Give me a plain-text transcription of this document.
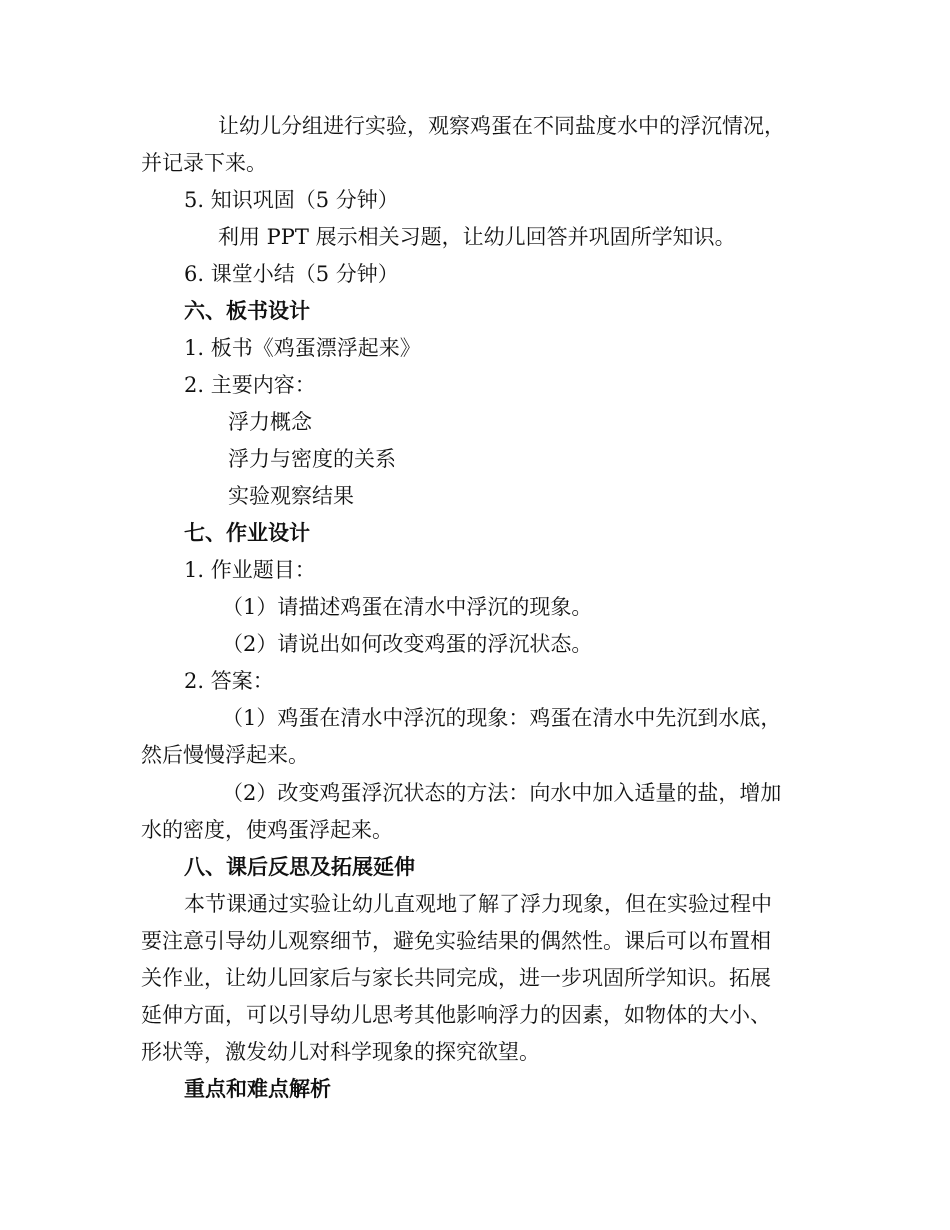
让幼儿分组进行实验，观察鸡蛋在不同盐度水中的浮沉情况，

并记录下来。

5. 知识巩固（5 分钟）

利用 PPT 展示相关习题，让幼儿回答并巩固所学知识。

6. 课堂小结（5 分钟）

六、板书设计

1. 板书《鸡蛋漂浮起来》

2. 主要内容：

浮力概念

浮力与密度的关系

实验观察结果

七、作业设计

1. 作业题目：

（1）请描述鸡蛋在清水中浮沉的现象。

（2）请说出如何改变鸡蛋的浮沉状态。

2. 答案：

（1）鸡蛋在清水中浮沉的现象：鸡蛋在清水中先沉到水底，

然后慢慢浮起来。

（2）改变鸡蛋浮沉状态的方法：向水中加入适量的盐，增加

水的密度，使鸡蛋浮起来。

八、课后反思及拓展延伸

本节课通过实验让幼儿直观地了解了浮力现象，但在实验过程中

要注意引导幼儿观察细节，避免实验结果的偶然性。课后可以布置相

关作业，让幼儿回家后与家长共同完成，进一步巩固所学知识。拓展

延伸方面，可以引导幼儿思考其他影响浮力的因素，如物体的大小、

形状等，激发幼儿对科学现象的探究欲望。

重点和难点解析
